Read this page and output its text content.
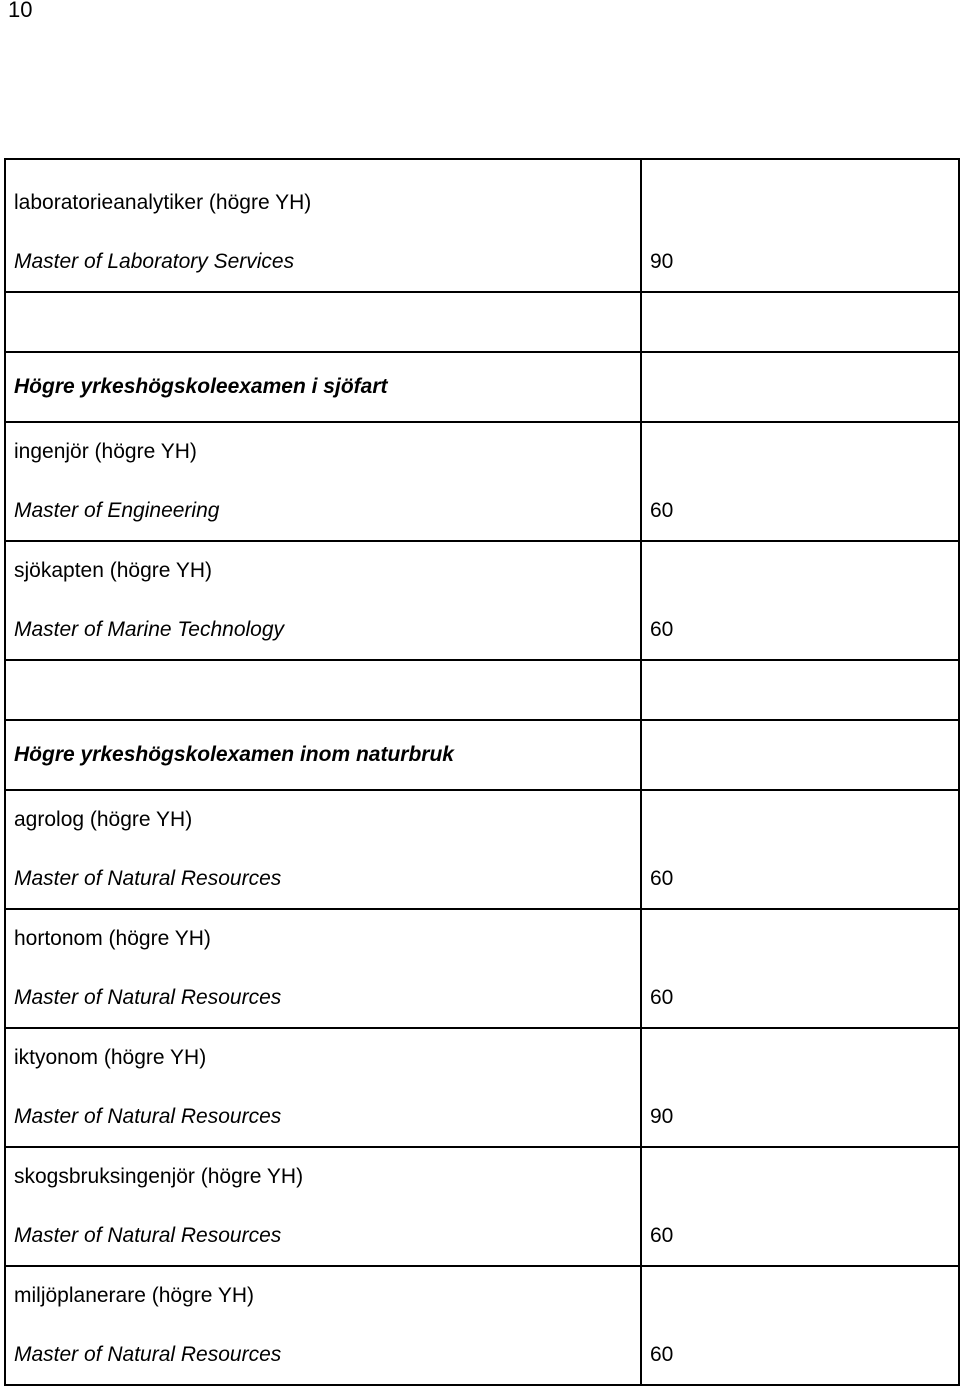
10
laboratorieanalytiker (högre YH)
Master of Laboratory Services	90

Högre yrkeshögskoleexamen i sjöfart	

ingenjör (högre YH)
Master of Engineering	60

sjökapten (högre YH)
Master of Marine Technology	60

Högre yrkeshögskolexamen inom naturbruk	

agrolog (högre YH)
Master of Natural Resources	60

hortonom (högre YH)
Master of Natural Resources	60

iktyonom (högre YH)
Master of Natural Resources	90

skogsbruksingenjör (högre YH)
Master of Natural Resources	60

miljöplanerare (högre YH)
Master of Natural Resources	60
